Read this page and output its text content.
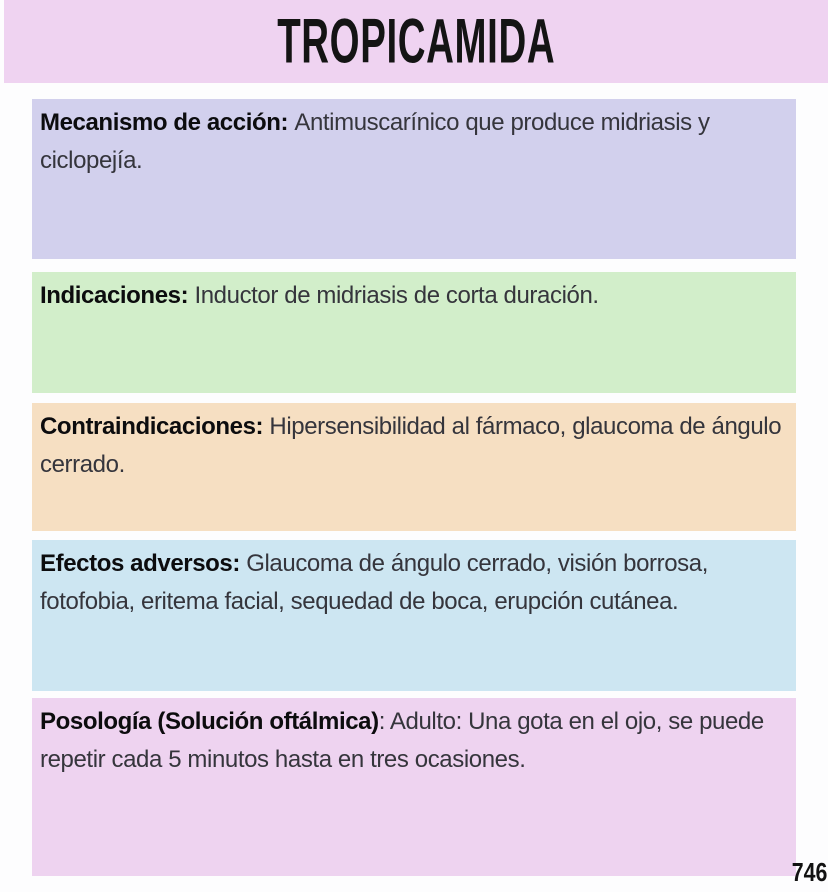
TROPICAMIDA

Mecanismo de acción: Antimuscarínico que produce midriasis y ciclopejía.

Indicaciones: Inductor de midriasis de corta duración.

Contraindicaciones: Hipersensibilidad al fármaco, glaucoma de ángulo cerrado.

Efectos adversos: Glaucoma de ángulo cerrado, visión borrosa, fotofobia, eritema facial, sequedad de boca, erupción cutánea.

Posología (Solución oftálmica): Adulto: Una gota en el ojo, se puede repetir cada 5 minutos hasta en tres ocasiones.

746
